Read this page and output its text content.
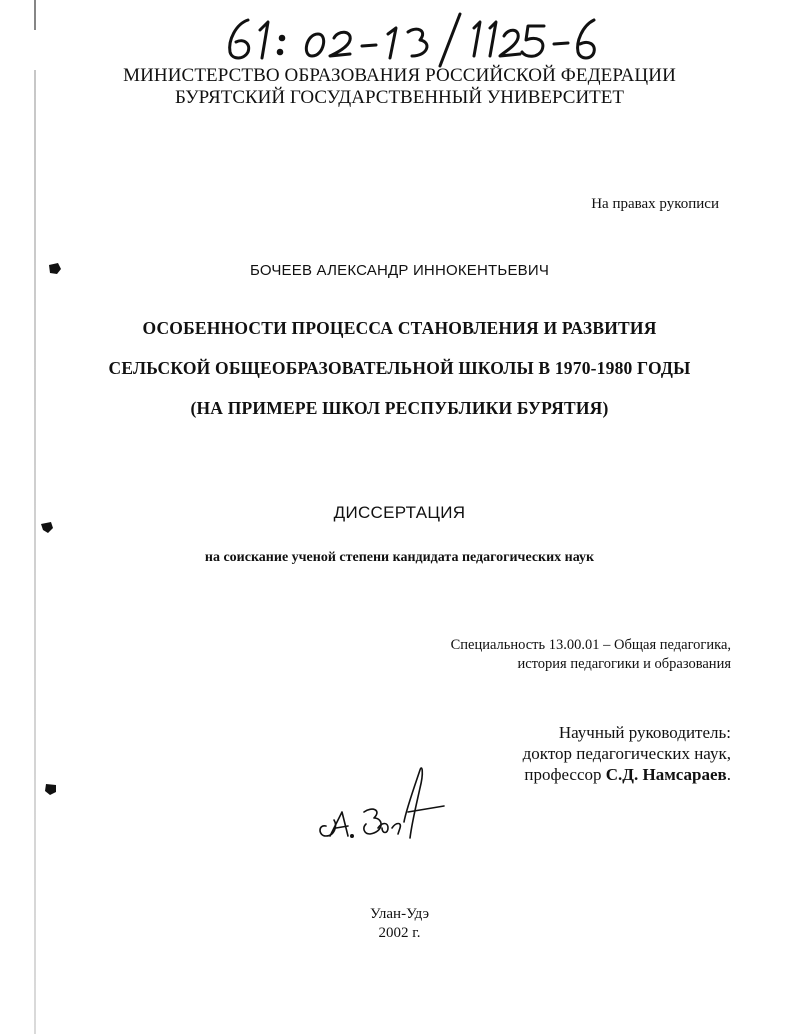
МИНИСТЕРСТВО ОБРАЗОВАНИЯ РОССИЙСКОЙ ФЕДЕРАЦИИ
БУРЯТСКИЙ ГОСУДАРСТВЕННЫЙ УНИВЕРСИТЕТ
На правах рукописи
БОЧЕЕВ АЛЕКСАНДР ИННОКЕНТЬЕВИЧ
ОСОБЕННОСТИ ПРОЦЕССА СТАНОВЛЕНИЯ И РАЗВИТИЯ
СЕЛЬСКОЙ ОБЩЕОБРАЗОВАТЕЛЬНОЙ ШКОЛЫ В 1970-1980 ГОДЫ
(НА ПРИМЕРЕ ШКОЛ РЕСПУБЛИКИ БУРЯТИЯ)
ДИССЕРТАЦИЯ
на соискание ученой степени кандидата педагогических наук
Специальность 13.00.01 – Общая педагогика,
история педагогики и образования
Научный руководитель:
доктор педагогических наук,
профессор С.Д. Намсараев.
Улан-Удэ
2002 г.
